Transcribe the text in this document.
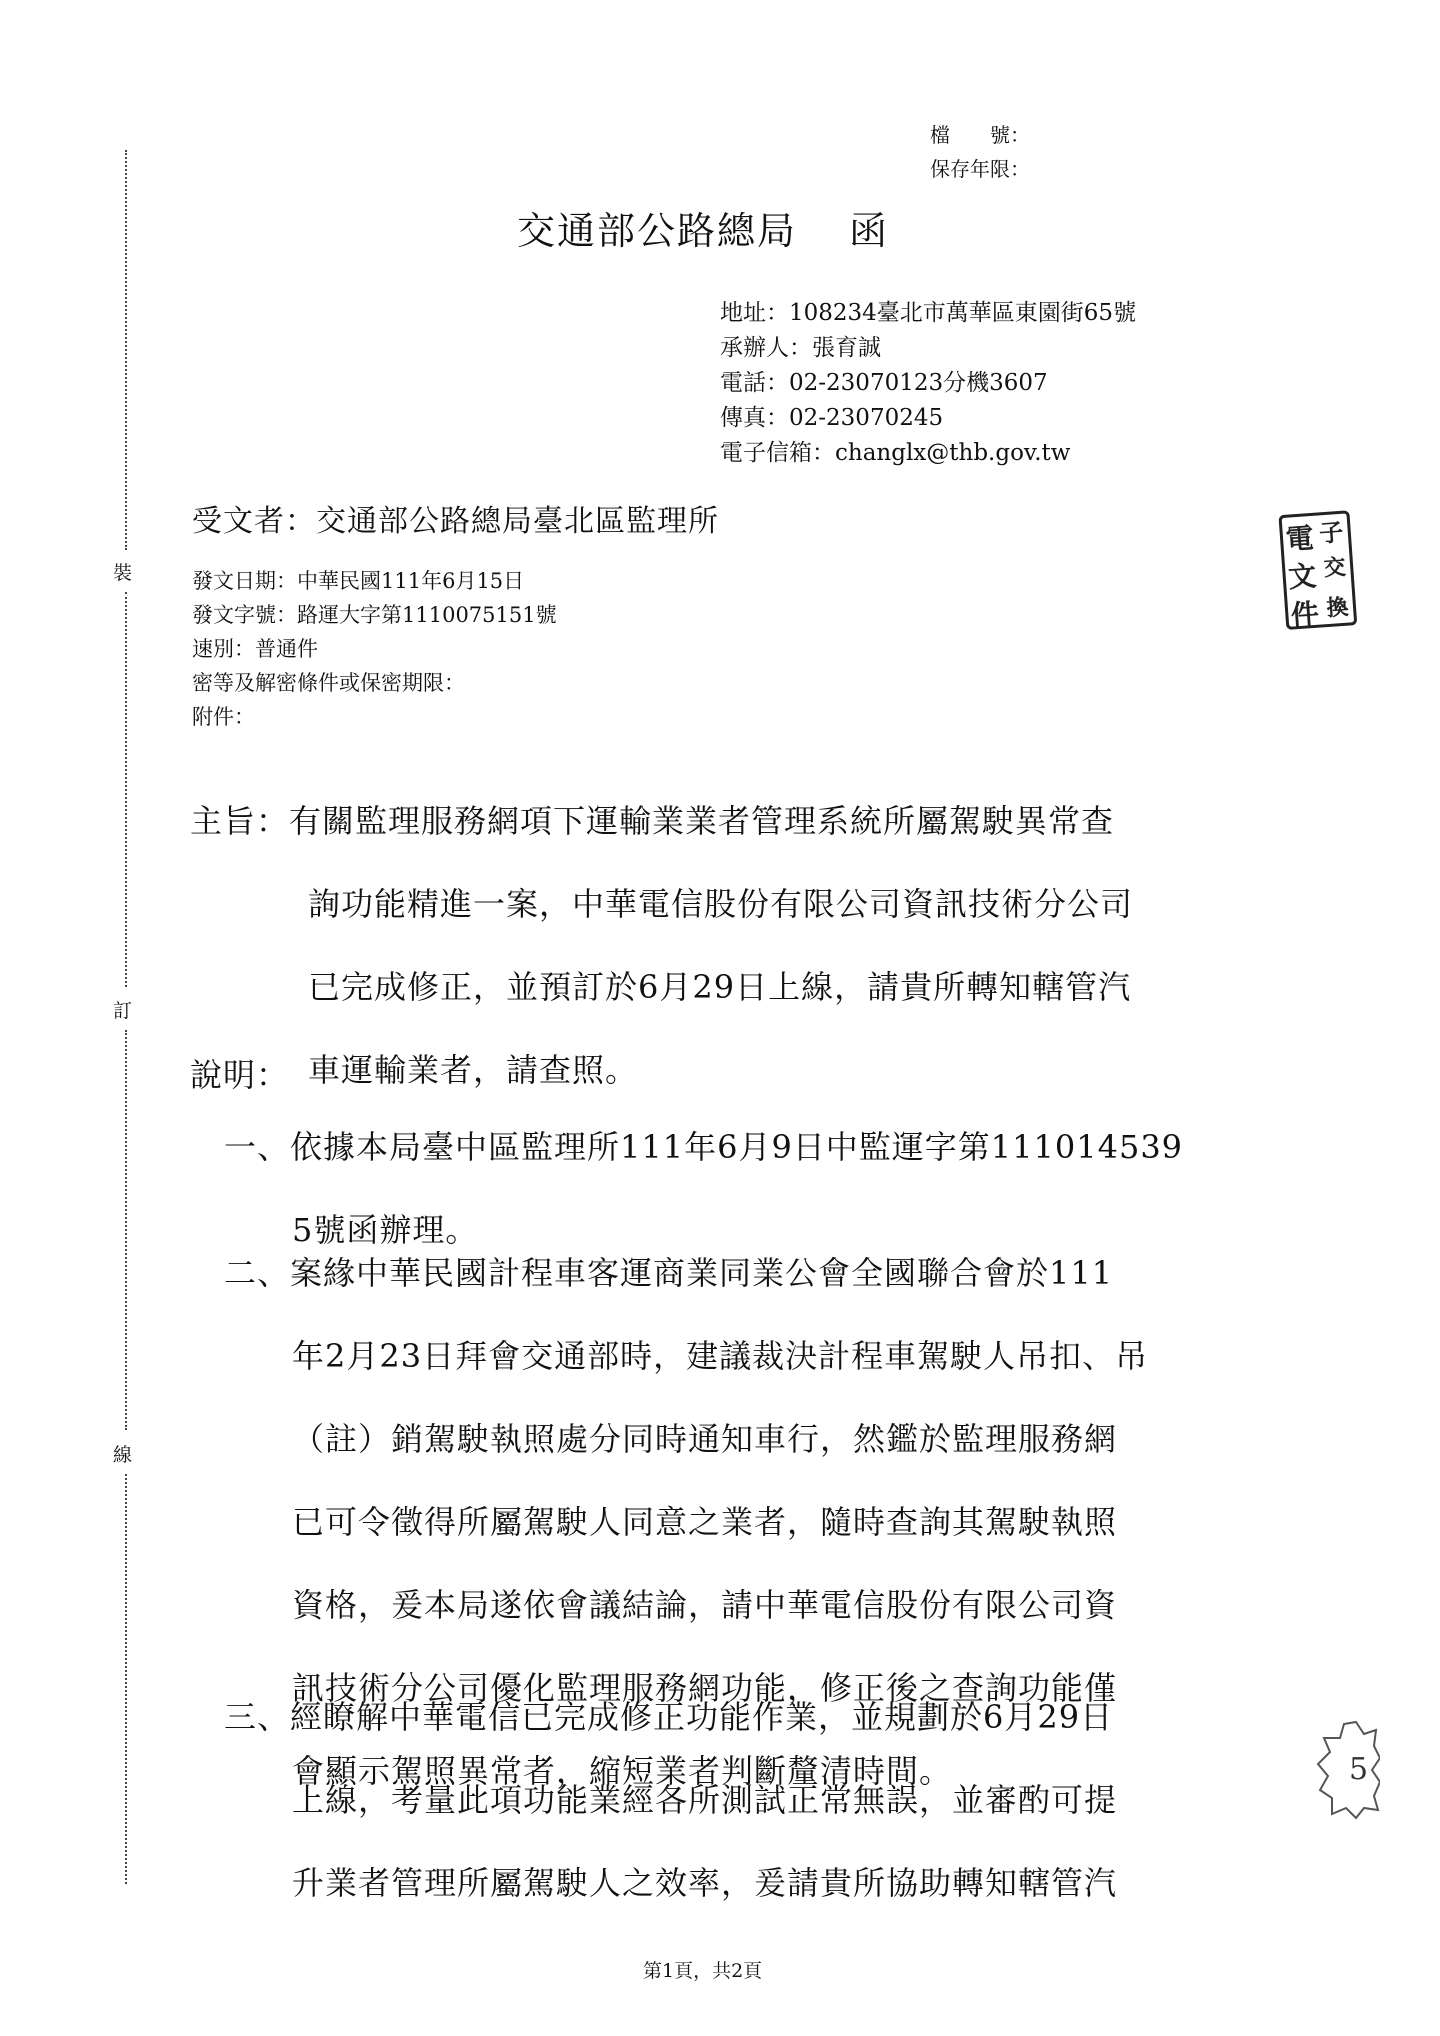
裝
訂
線
檔　　號：
保存年限：
交通部公路總局 函
地址：108234臺北市萬華區東園街65號
承辦人：張育誠
電話：02-23070123分機3607
傳真：02-23070245
電子信箱：changlx@thb.gov.tw
受文者：交通部公路總局臺北區監理所	電 子
文 交
件 換
發文日期：中華民國111年6月15日
發文字號：路運大字第1110075151號
速別：普通件
密等及解密條件或保密期限：
附件：
主旨：有關監理服務網項下運輸業業者管理系統所屬駕駛異常查
詢功能精進一案，中華電信股份有限公司資訊技術分公司
已完成修正，並預訂於6月29日上線，請貴所轉知轄管汽
車運輸業者，請查照。
說明：
一、依據本局臺中區監理所111年6月9日中監運字第111014539
5號函辦理。
二、案緣中華民國計程車客運商業同業公會全國聯合會於111
年2月23日拜會交通部時，建議裁決計程車駕駛人吊扣、吊
（註）銷駕駛執照處分同時通知車行，然鑑於監理服務網
已可令徵得所屬駕駛人同意之業者，隨時查詢其駕駛執照
資格，爰本局遂依會議結論，請中華電信股份有限公司資
訊技術分公司優化監理服務網功能，修正後之查詢功能僅
會顯示駕照異常者，縮短業者判斷釐清時間。
三、經瞭解中華電信已完成修正功能作業，並規劃於6月29日
上線，考量此項功能業經各所測試正常無誤，並審酌可提
升業者管理所屬駕駛人之效率，爰請貴所協助轉知轄管汽
5
第1頁，共2頁
